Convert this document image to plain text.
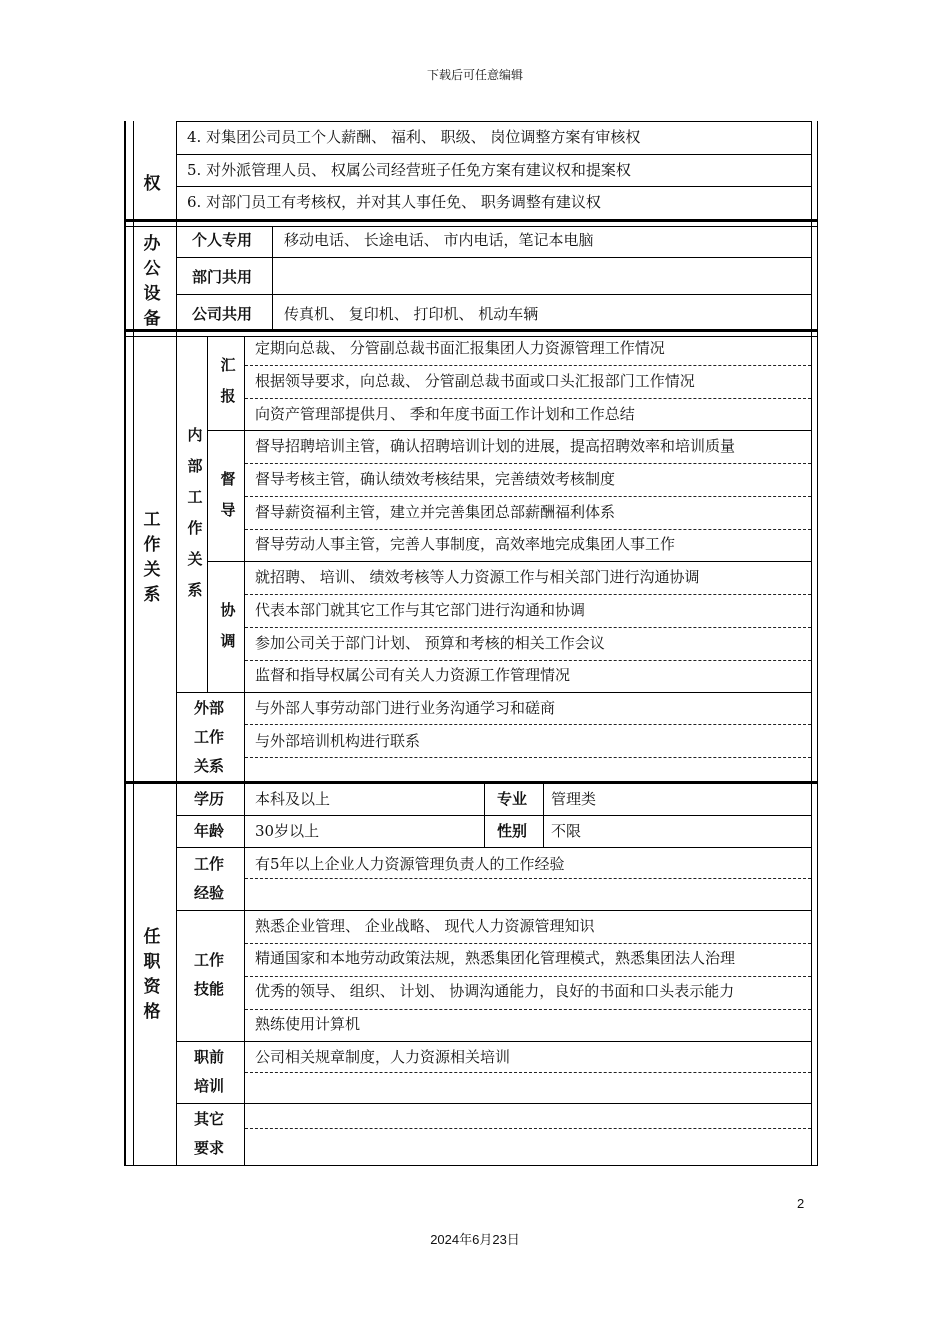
下载后可任意编辑
权
4. 对集团公司员工个人薪酬、 福利、 职级、 岗位调整方案有审核权
5. 对外派管理人员、 权属公司经营班子任免方案有建议权和提案权
6. 对部门员工有考核权，并对其人事任免、 职务调整有建议权
办
公
设
备
个人专用 移动电话、 长途电话、 市内电话，笔记本电脑
部门共用
公司共用 传真机、 复印机、 打印机、 机动车辆
工
作
关
系
内
部
工
作
关
系
汇
报
督
导
协
调
定期向总裁、 分管副总裁书面汇报集团人力资源管理工作情况
根据领导要求，向总裁、 分管副总裁书面或口头汇报部门工作情况
向资产管理部提供月、 季和年度书面工作计划和工作总结
督导招聘培训主管，确认招聘培训计划的进展，提高招聘效率和培训质量
督导考核主管，确认绩效考核结果，完善绩效考核制度
督导薪资福利主管，建立并完善集团总部薪酬福利体系
督导劳动人事主管，完善人事制度，高效率地完成集团人事工作
就招聘、 培训、 绩效考核等人力资源工作与相关部门进行沟通协调
代表本部门就其它工作与其它部门进行沟通和协调
参加公司关于部门计划、 预算和考核的相关工作会议
监督和指导权属公司有关人力资源工作管理情况
外部
工作
关系
与外部人事劳动部门进行业务沟通学习和磋商
与外部培训机构进行联系
任
职
资
格
学历 本科及以上	专业 管理类
年龄 30岁以上	性别 不限
工作
经验
有5年以上企业人力资源管理负责人的工作经验
工作
技能
熟悉企业管理、 企业战略、 现代人力资源管理知识
精通国家和本地劳动政策法规，熟悉集团化管理模式，熟悉集团法人治理
优秀的领导、 组织、 计划、 协调沟通能力，良好的书面和口头表示能力
熟练使用计算机
职前
培训
公司相关规章制度，人力资源相关培训
其它
要求
2
2024年6月23日
